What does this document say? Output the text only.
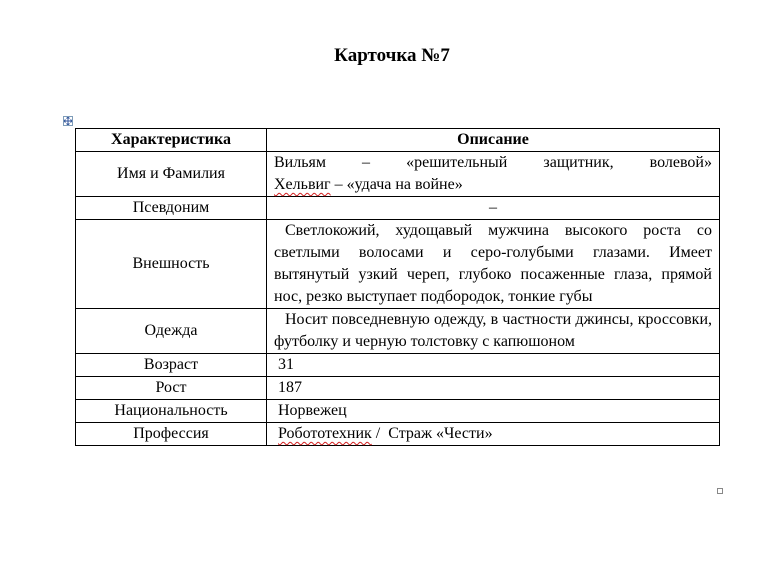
Карточка №7
Характеристика	Описание
Имя и Фамилия	Вильям – «решительный защитник, волевой»
Хельвиг – «удача на войне»

Псевдоним	–
Внешность	Светлокожий, худощавый мужчина высокого роста со светлыми волосами и серо-голубыми глазами. Имеет вытянутый узкий череп, глубоко посаженные глаза, прямой нос, резко выступает подбородок, тонкие губы
Одежда	Носит повседневную одежду, в частности джинсы, кроссовки, футболку и черную толстовку с капюшоном
Возраст	31
Рост	187
Национальность	Норвежец
Профессия	Робототехник /  Страж «Чести»
